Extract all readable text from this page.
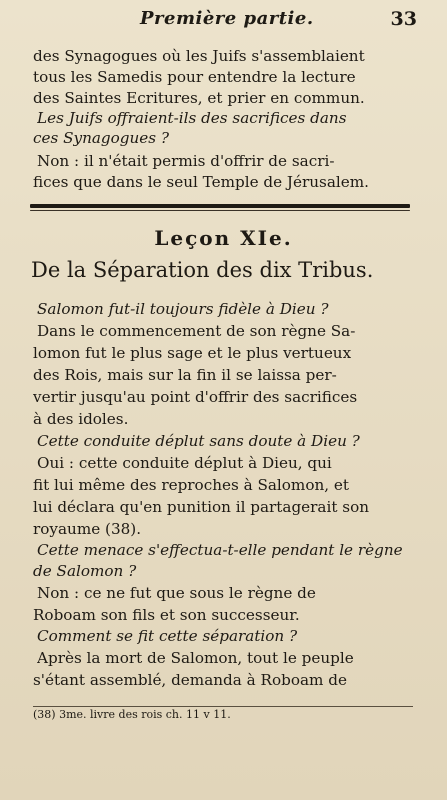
Première partie.	33
des Synagogues où les Juifs s'assemblaient
tous les Samedis pour entendre la lecture
des Saintes Ecritures, et prier en commun.
Les Juifs offraient-ils des sacrifices dans
ces Synagogues ?
Non : il n'était permis d'offrir de sacri-
fices que dans le seul Temple de Jérusalem.
Leçon XIe.
De la Séparation des dix Tribus.
Salomon fut-il toujours fidèle à Dieu ?
Dans le commencement de son règne Sa-
lomon fut le plus sage et le plus vertueux
des Rois, mais sur la fin il se laissa per-
vertir jusqu'au point d'offrir des sacrifices
à des idoles.
Cette conduite déplut sans doute à Dieu ?
Oui : cette conduite déplut à Dieu, qui
fit lui même des reproches à Salomon, et
lui déclara qu'en punition il partagerait son
royaume (38).
Cette menace s'effectua-t-elle pendant le règne
de Salomon ?
Non : ce ne fut que sous le règne de
Roboam son fils et son successeur.
Comment se fit cette séparation ?
Après la mort de Salomon, tout le peuple
s'étant assemblé, demanda à Roboam de
(38) 3me. livre des rois ch. 11 v 11.
